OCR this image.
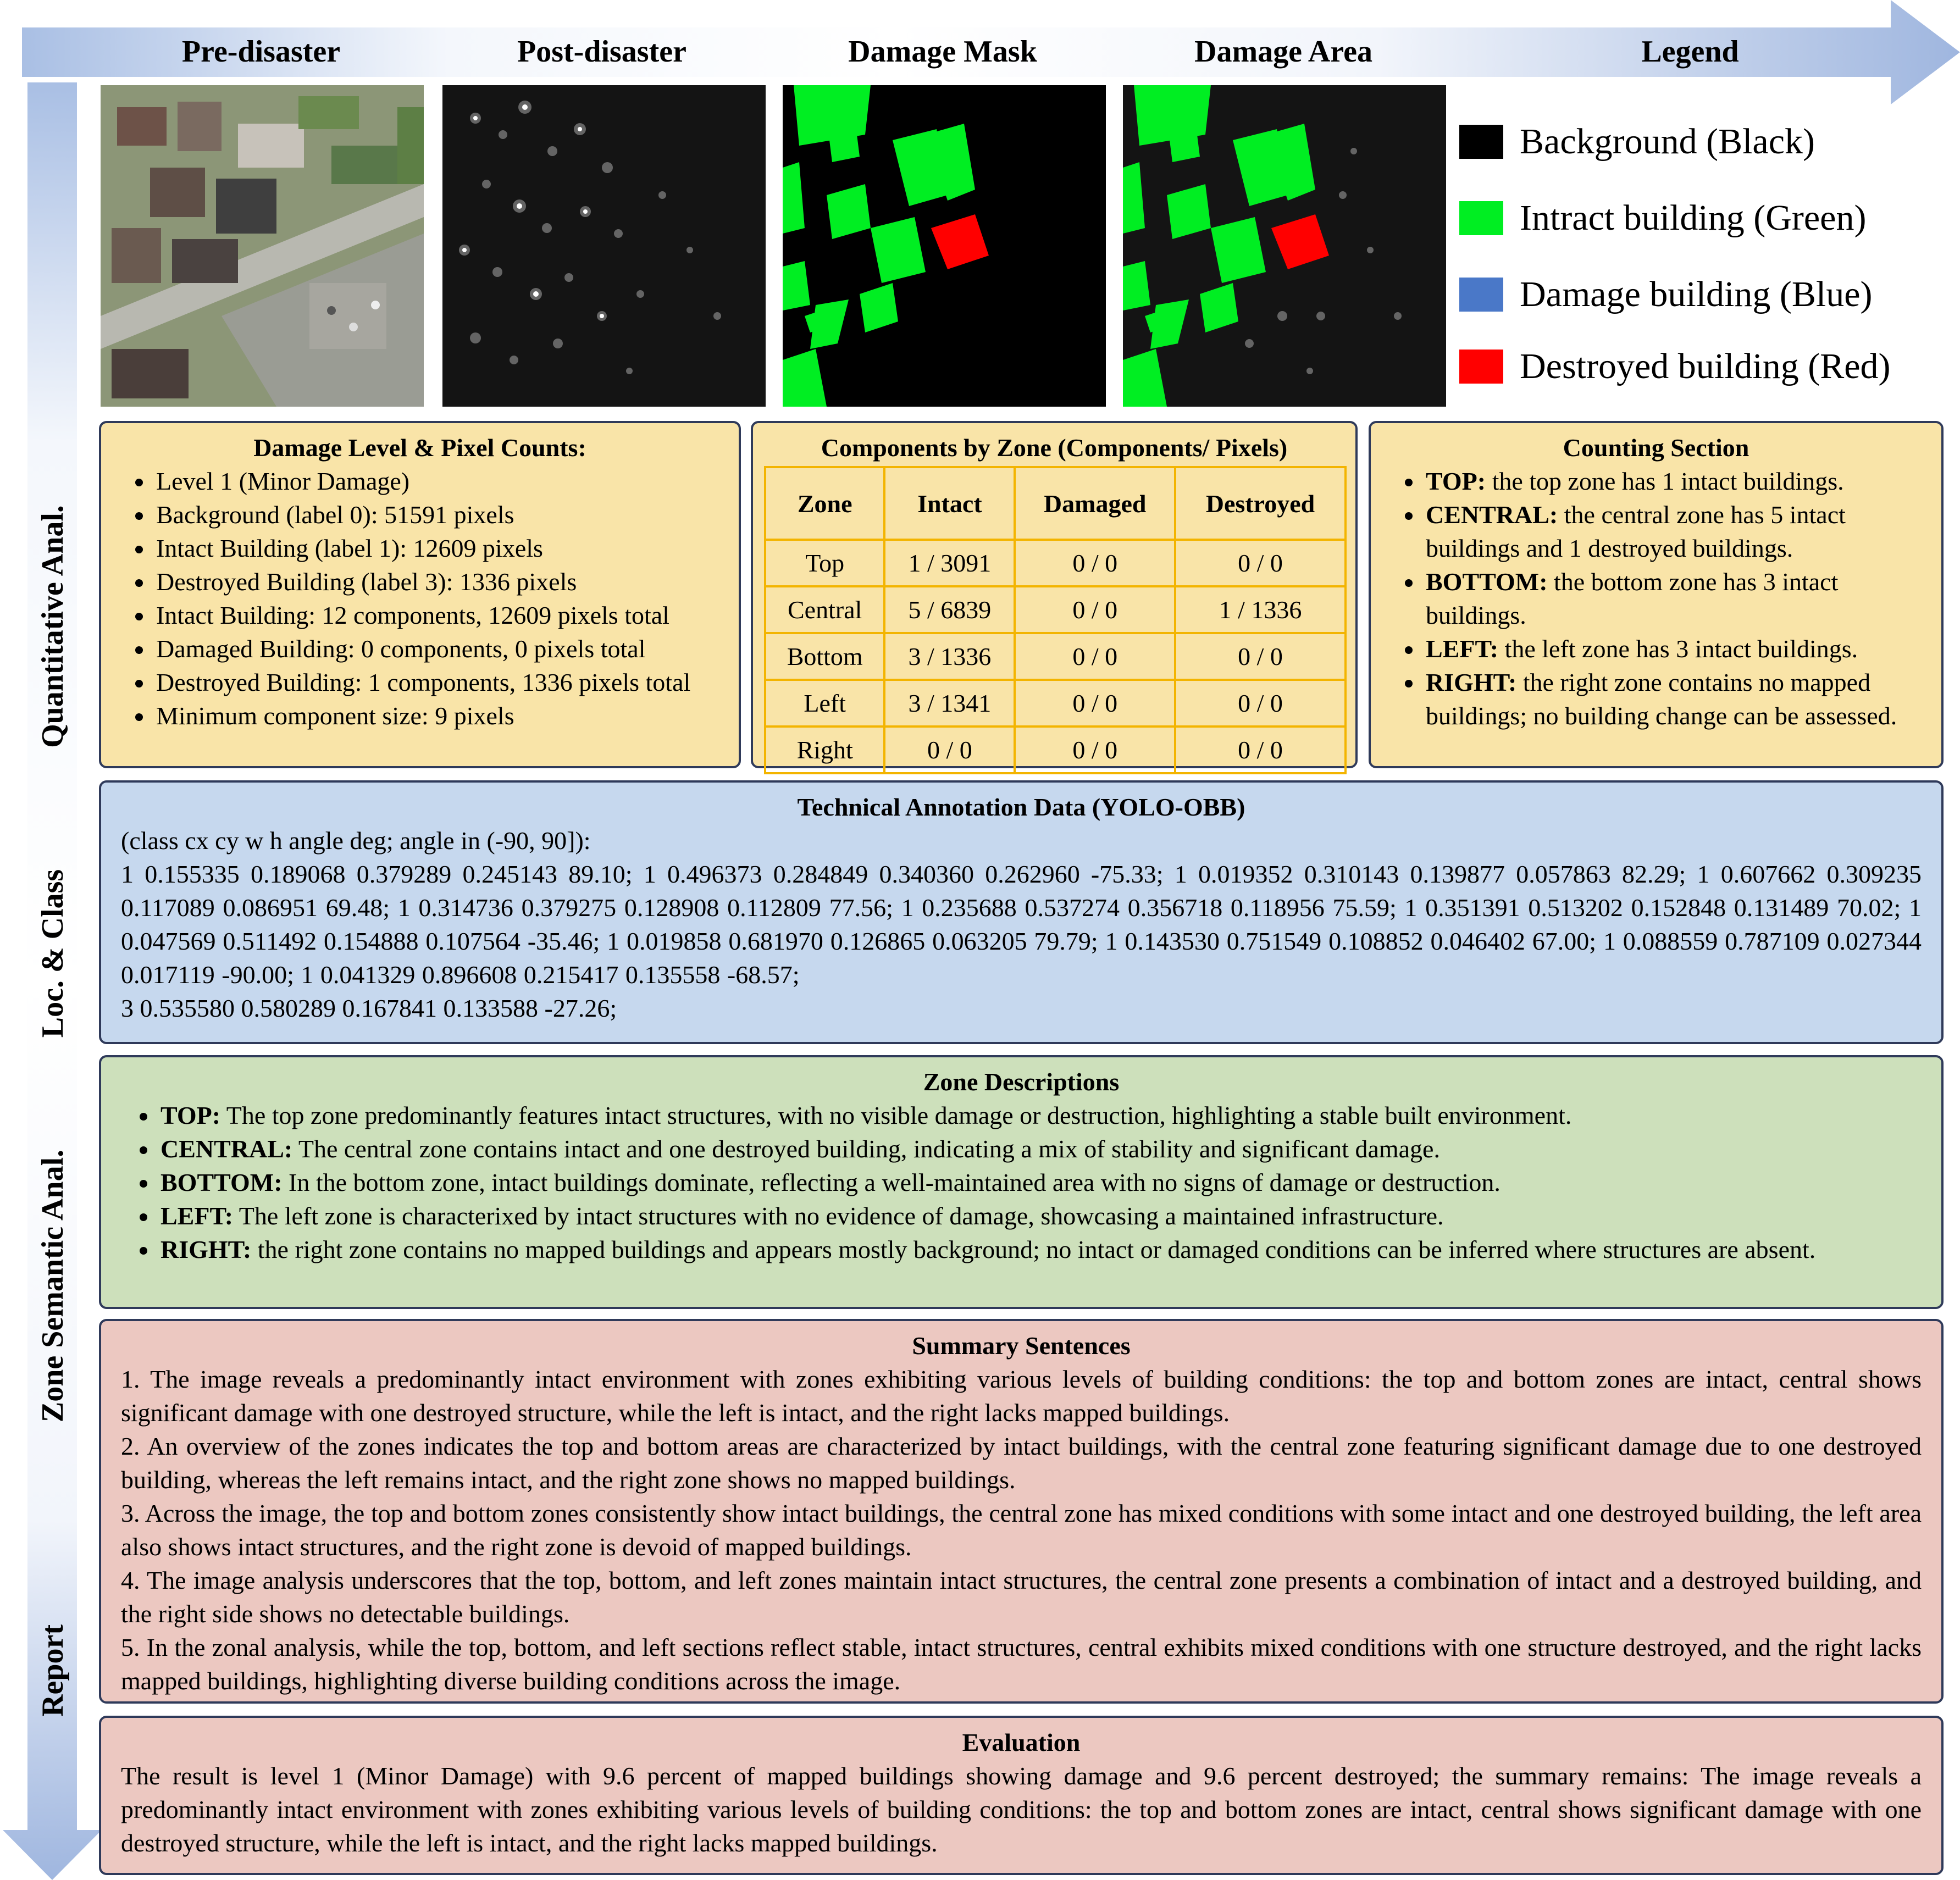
Pre-disaster	Post-disaster	Damage Mask	Damage Area	Legend
Quantitative Anal.
Loc. & Class
Zone Semantic Anal.
Report
Background (Black)
Intract building (Green)
Damage building (Blue)
Destroyed building (Red)
Damage Level & Pixel Counts:
• Level 1 (Minor Damage)
• Background (label 0): 51591 pixels
• Intact Building (label 1): 12609 pixels
• Destroyed Building (label 3): 1336 pixels
• Intact Building: 12 components, 12609 pixels total
• Damaged Building: 0 components, 0 pixels total
• Destroyed Building: 1 components, 1336 pixels total
• Minimum component size: 9 pixels
Components by Zone (Components/ Pixels)
Zone	Intact	Damaged	Destroyed
Top	1 / 3091	0 / 0	0 / 0
Central	5 / 6839	0 / 0	1 / 1336
Bottom	3 / 1336	0 / 0	0 / 0
Left	3 / 1341	0 / 0	0 / 0
Right	0 / 0	0 / 0	0 / 0
Counting Section
• TOP: the top zone has 1 intact buildings.
• CENTRAL: the central zone has 5 intact buildings and 1 destroyed buildings.
• BOTTOM: the bottom zone has 3 intact buildings.
• LEFT: the left zone has 3 intact buildings.
• RIGHT: the right zone contains no mapped buildings; no building change can be assessed.
Technical Annotation Data (YOLO-OBB)
(class cx cy w h angle deg; angle in (-90, 90]):
1 0.155335 0.189068 0.379289 0.245143 89.10; 1 0.496373 0.284849 0.340360 0.262960 -75.33; 1 0.019352 0.310143 0.139877 0.057863 82.29; 1 0.607662 0.309235 0.117089 0.086951 69.48; 1 0.314736 0.379275 0.128908 0.112809 77.56; 1 0.235688 0.537274 0.356718 0.118956 75.59; 1 0.351391 0.513202 0.152848 0.131489 70.02; 1 0.047569 0.511492 0.154888 0.107564 -35.46; 1 0.019858 0.681970 0.126865 0.063205 79.79; 1 0.143530 0.751549 0.108852 0.046402 67.00; 1 0.088559 0.787109 0.027344 0.017119 -90.00; 1 0.041329 0.896608 0.215417 0.135558 -68.57;
3 0.535580 0.580289 0.167841 0.133588 -27.26;
Zone Descriptions
• TOP: The top zone predominantly features intact structures, with no visible damage or destruction, highlighting a stable built environment.
• CENTRAL: The central zone contains intact and one destroyed building, indicating a mix of stability and significant damage.
• BOTTOM: In the bottom zone, intact buildings dominate, reflecting a well-maintained area with no signs of damage or destruction.
• LEFT: The left zone is characterixed by intact structures with no evidence of damage, showcasing a maintained infrastructure.
• RIGHT: the right zone contains no mapped buildings and appears mostly background; no intact or damaged conditions can be inferred where structures are absent.
Summary Sentences
1. The image reveals a predominantly intact environment with zones exhibiting various levels of building conditions: the top and bottom zones are intact, central shows significant damage with one destroyed structure, while the left is intact, and the right lacks mapped buildings.
2. An overview of the zones indicates the top and bottom areas are characterized by intact buildings, with the central zone featuring significant damage due to one destroyed building, whereas the left remains intact, and the right zone shows no mapped buildings.
3. Across the image, the top and bottom zones consistently show intact buildings, the central zone has mixed conditions with some intact and one destroyed building, the left area also shows intact structures, and the right zone is devoid of mapped buildings.
4. The image analysis underscores that the top, bottom, and left zones maintain intact structures, the central zone presents a combination of intact and a destroyed building, and the right side shows no detectable buildings.
5. In the zonal analysis, while the top, bottom, and left sections reflect stable, intact structures, central exhibits mixed conditions with one structure destroyed, and the right lacks mapped buildings, highlighting diverse building conditions across the image.
Evaluation
The result is level 1 (Minor Damage) with 9.6 percent of mapped buildings showing damage and 9.6 percent destroyed; the summary remains: The image reveals a predominantly intact environment with zones exhibiting various levels of building conditions: the top and bottom zones are intact, central shows significant damage with one destroyed structure, while the left is intact, and the right lacks mapped buildings.
